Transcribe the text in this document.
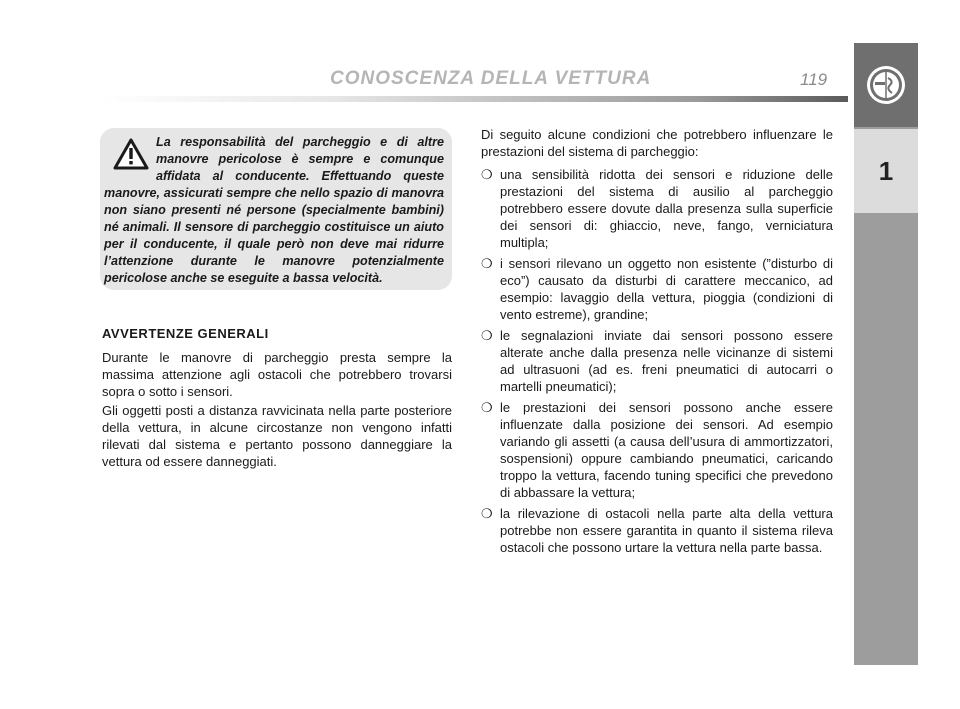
CONOSCENZA DELLA VETTURA	119
1

La responsabilità del parcheggio e di altre manovre pericolose è sempre e comunque affidata al conducente. Effettuando queste manovre, assicurati sempre che nello spazio di manovra non siano presenti né persone (specialmente bambini) né animali. Il sensore di parcheggio costituisce un aiuto per il conducente, il quale però non deve mai ridurre l’attenzione durante le manovre potenzialmente pericolose anche se eseguite a bassa velocità.

AVVERTENZE GENERALI

Durante le manovre di parcheggio presta sempre la massima attenzione agli ostacoli che potrebbero trovarsi sopra o sotto i sensori.

Gli oggetti posti a distanza ravvicinata nella parte posteriore della vettura, in alcune circostanze non vengono infatti rilevati dal sistema e pertanto possono danneggiare la vettura od essere danneggiati.

Di seguito alcune condizioni che potrebbero influenzare le prestazioni del sistema di parcheggio:

❍ una sensibilità ridotta dei sensori e riduzione delle prestazioni del sistema di ausilio al parcheggio potrebbero essere dovute dalla presenza sulla superficie dei sensori di: ghiaccio, neve, fango, verniciatura multipla;
❍ i sensori rilevano un oggetto non esistente (”disturbo di eco”) causato da disturbi di carattere meccanico, ad esempio: lavaggio della vettura, pioggia (condizioni di vento estreme), grandine;
❍ le segnalazioni inviate dai sensori possono essere alterate anche dalla presenza nelle vicinanze di sistemi ad ultrasuoni (ad es. freni pneumatici di autocarri o martelli pneumatici);
❍ le prestazioni dei sensori possono anche essere influenzate dalla posizione dei sensori. Ad esempio variando gli assetti (a causa dell’usura di ammortizzatori, sospensioni) oppure cambiando pneumatici, caricando troppo la vettura, facendo tuning specifici che prevedono di abbassare la vettura;
❍ la rilevazione di ostacoli nella parte alta della vettura potrebbe non essere garantita in quanto il sistema rileva ostacoli che possono urtare la vettura nella parte bassa.
